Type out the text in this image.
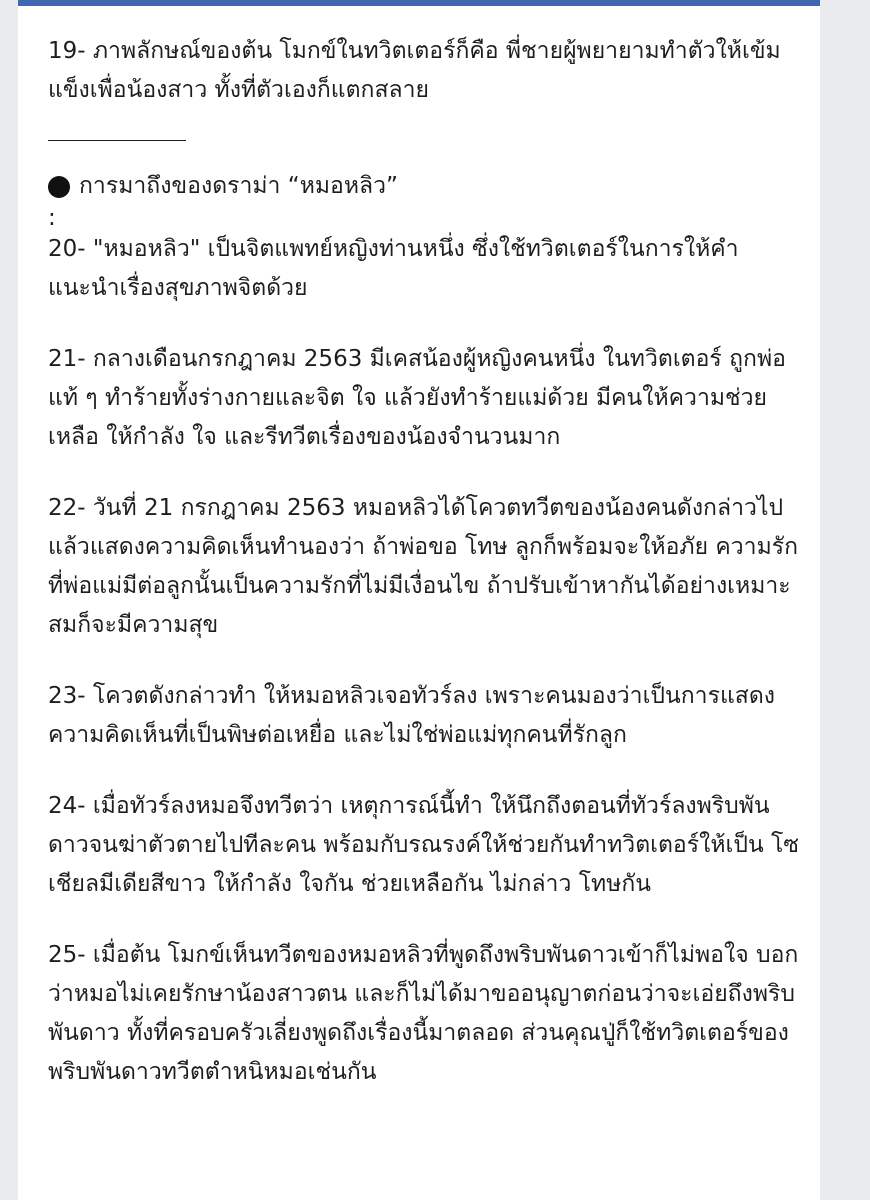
19- ภาพลักษณ์ของต้น โมกข์ในทวิตเตอร์ก็คือ พี่ชายผู้พยายามทำตัวให้เข้มแข็งเพื่อน้องสาว ทั้งที่ตัวเองก็แตกสลาย

การมาถึงของดราม่า “หมอหลิว”

:

20- "หมอหลิว" เป็นจิตแพทย์หญิงท่านหนึ่ง ซึ่งใช้ทวิตเตอร์ในการให้คำแนะนำเรื่องสุขภาพจิตด้วย

21- กลางเดือนกรกฎาคม 2563 มีเคสน้องผู้หญิงคนหนึ่ง ในทวิตเตอร์ ถูกพ่อแท้ ๆ ทำร้ายทั้งร่างกายและจิต ใจ แล้วยังทำร้ายแม่ด้วย มีคนให้ความช่วยเหลือ ให้กำลัง ใจ และรีทวีตเรื่องของน้องจำนวนมาก

22- วันที่ 21 กรกฎาคม 2563 หมอหลิวได้โควตทวีตของน้องคนดังกล่าวไป แล้วแสดงความคิดเห็นทำนองว่า ถ้าพ่อขอ โทษ ลูกก็พร้อมจะให้อภัย ความรักที่พ่อแม่มีต่อลูกนั้นเป็นความรักที่ไม่มีเงื่อนไข ถ้าปรับเข้าหากันได้อย่างเหมาะสมก็จะมีความสุข

23- โควตดังกล่าวทำ ให้หมอหลิวเจอทัวร์ลง เพราะคนมองว่าเป็นการแสดงความคิดเห็นที่เป็นพิษต่อเหยื่อ และไม่ใช่พ่อแม่ทุกคนที่รักลูก

24- เมื่อทัวร์ลงหมอจึงทวีตว่า เหตุการณ์นี้ทำ ให้นึกถึงตอนที่ทัวร์ลงพริบพันดาวจนฆ่าตัวตายไปทีละคน พร้อมกับรณรงค์ให้ช่วยกันทำทวิตเตอร์ให้เป็น โซเชียลมีเดียสีขาว ให้กำลัง ใจกัน ช่วยเหลือกัน ไม่กล่าว โทษกัน

25- เมื่อต้น โมกข์เห็นทวีตของหมอหลิวที่พูดถึงพริบพันดาวเข้าก็ไม่พอใจ บอกว่าหมอไม่เคยรักษาน้องสาวตน และก็ไม่ได้มาขออนุญาตก่อนว่าจะเอ่ยถึงพริบพันดาว ทั้งที่ครอบครัวเลี่ยงพูดถึงเรื่องนี้มาตลอด ส่วนคุณปู่ก็ใช้ทวิตเตอร์ของพริบพันดาวทวีตตำหนิหมอเช่นกัน
